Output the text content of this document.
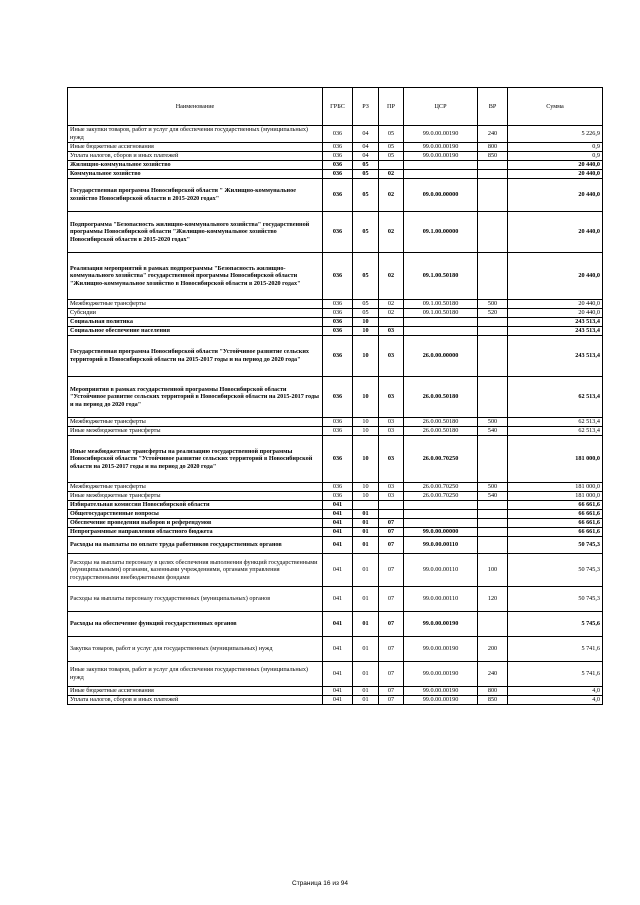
Наименование	ГРБС	РЗ	ПР	ЦСР	ВР	Сумма
Иные закупки товаров, работ и услуг для обеспечения государственных (муниципальных) нужд	036	04	05	99.0.00.00190	240	5 226,9
Иные бюджетные ассигнования	036	04	05	99.0.00.00190	800	0,9
Уплата налогов, сборов и иных платежей	036	04	05	99.0.00.00190	850	0,9
Жилищно-коммунальное хозяйство	036	05				20 440,0
Коммунальное хозяйство	036	05	02			20 440,0
Государственная программа Новосибирской области " Жилищно-коммунальное хозяйство Новосибирской области в 2015-2020 годах"	036	05	02	09.0.00.00000		20 440,0
Подпрограмма "Безопасность жилищно-коммунального хозяйства" государственной программы Новосибирской области "Жилищно-коммунальное хозяйство Новосибирской области в 2015-2020 годах"	036	05	02	09.1.00.00000		20 440,0
Реализация мероприятий в рамках подпрограммы "Безопасность жилищно-коммунального хозяйства" государственной программы Новосибирской области "Жилищно-коммунальное хозяйство в Новосибирской области в 2015-2020 годах"	036	05	02	09.1.00.50180		20 440,0
Межбюджетные трансферты	036	05	02	09.1.00.50180	500	20 440,0
Субсидии	036	05	02	09.1.00.50180	520	20 440,0
Социальная политика	036	10				243 513,4
Социальное обеспечение населения	036	10	03			243 513,4
Государственная программа Новосибирской области "Устойчивое развитие сельских территорий в Новосибирской области на 2015-2017 годы и на период до 2020 года"	036	10	03	26.0.00.00000		243 513,4
Мероприятия в рамках государственной программы Новосибирской области "Устойчивое развитие сельских территорий в Новосибирской области на 2015-2017 годы и на период до 2020 года"	036	10	03	26.0.00.50180		62 513,4
Межбюджетные трансферты	036	10	03	26.0.00.50180	500	62 513,4
Иные межбюджетные трансферты	036	10	03	26.0.00.50180	540	62 513,4
Иные межбюджетные трансферты на реализацию государственной программы Новосибирской области "Устойчивое развитие сельских территорий в Новосибирской области на 2015-2017 годы и на период до 2020 года"	036	10	03	26.0.00.70250		181 000,0
Межбюджетные трансферты	036	10	03	26.0.00.70250	500	181 000,0
Иные межбюджетные трансферты	036	10	03	26.0.00.70250	540	181 000,0
Избирательная комиссия Новосибирской области	041					66 661,6
Общегосударственные вопросы	041	01				66 661,6
Обеспечение проведения выборов и референдумов	041	01	07			66 661,6
Непрограммные направления областного бюджета	041	01	07	99.0.00.00000		66 661,6
Расходы на выплаты по оплате труда работников государственных органов	041	01	07	99.0.00.00110		50 745,3
Расходы на выплаты персоналу в целях обеспечения выполнения функций государственными (муниципальными) органами, казенными учреждениями, органами управления государственными внебюджетными фондами	041	01	07	99.0.00.00110	100	50 745,3
Расходы на выплаты персоналу государственных (муниципальных) органов	041	01	07	99.0.00.00110	120	50 745,3
Расходы на обеспечение функций государственных органов	041	01	07	99.0.00.00190		5 745,6
Закупка товаров, работ и услуг для государственных (муниципальных) нужд	041	01	07	99.0.00.00190	200	5 741,6
Иные закупки товаров, работ и услуг для обеспечения государственных (муниципальных) нужд	041	01	07	99.0.00.00190	240	5 741,6
Иные бюджетные ассигнования	041	01	07	99.0.00.00190	800	4,0
Уплата налогов, сборов и иных платежей	041	01	07	99.0.00.00190	850	4,0
Страница 16 из 94
